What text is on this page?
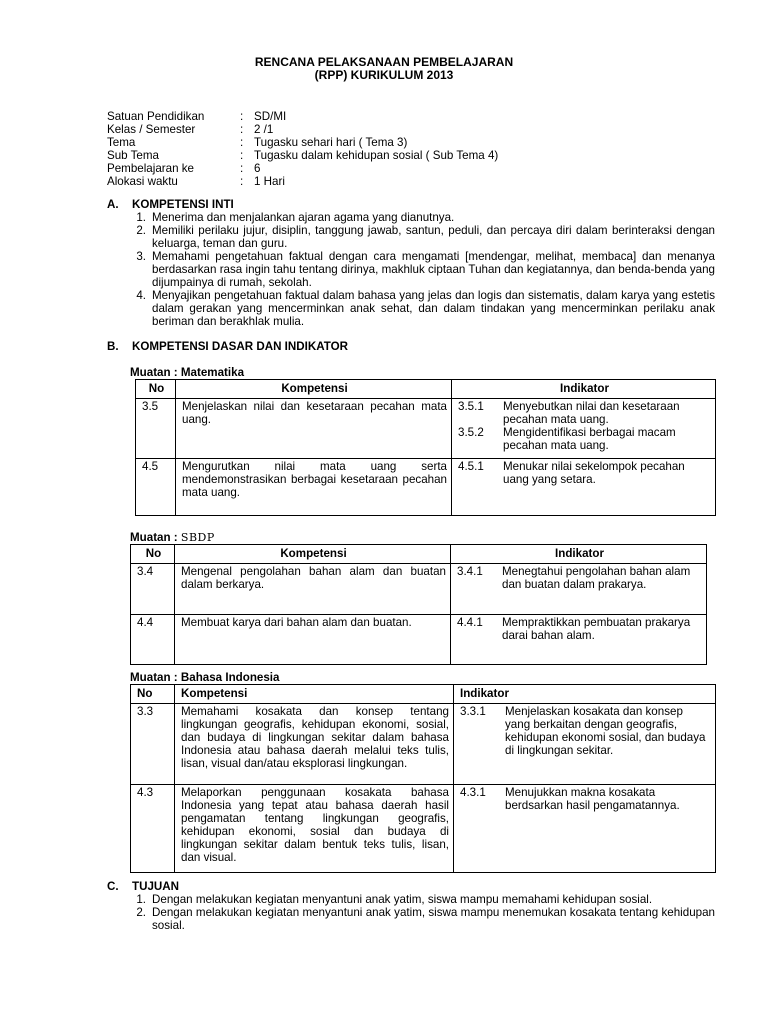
RENCANA PELAKSANAAN PEMBELAJARAN
(RPP) KURIKULUM 2013
Satuan Pendidikan	: SD/MI
Kelas / Semester	: 2 /1
Tema	: Tugasku sehari hari ( Tema 3)
Sub Tema	: Tugasku dalam kehidupan sosial ( Sub Tema 4)
Pembelajaran ke	: 6
Alokasi waktu	: 1 Hari
A. KOMPETENSI INTI
1. Menerima dan menjalankan ajaran agama yang dianutnya.
2. Memiliki perilaku jujur, disiplin, tanggung jawab, santun, peduli, dan percaya diri dalam berinteraksi dengan keluarga, teman dan guru.
3. Memahami pengetahuan faktual dengan cara mengamati [mendengar, melihat, membaca] dan menanya berdasarkan rasa ingin tahu tentang dirinya, makhluk ciptaan Tuhan dan kegiatannya, dan benda-benda yang dijumpainya di rumah, sekolah.
4. Menyajikan pengetahuan faktual dalam bahasa yang jelas dan logis dan sistematis, dalam karya yang estetis dalam gerakan yang mencerminkan anak sehat, dan dalam tindakan yang mencerminkan perilaku anak beriman dan berakhlak mulia.
B. KOMPETENSI DASAR DAN INDIKATOR
Muatan : Matematika
No	Kompetensi	Indikator
3.5	Menjelaskan nilai dan kesetaraan pecahan mata uang.	3.5.1 Menyebutkan nilai dan kesetaraan pecahan mata uang.
3.5.2 Mengidentifikasi berbagai macam pecahan mata uang.

4.5	Mengurutkan nilai mata uang serta mendemonstrasikan berbagai kesetaraan pecahan mata uang.	4.5.1 Menukar nilai sekelompok pecahan uang yang setara.
Muatan : SBDP
No	Kompetensi	Indikator
3.4	Mengenal pengolahan bahan alam dan buatan dalam berkarya.	3.4.1 Menegtahui pengolahan bahan alam dan buatan dalam prakarya.

4.4	Membuat karya dari bahan alam dan buatan.	4.4.1 Mempraktikkan pembuatan prakarya darai bahan alam.
Muatan : Bahasa Indonesia
No	Kompetensi	Indikator
3.3	Memahami kosakata dan konsep tentang lingkungan geografis, kehidupan ekonomi, sosial, dan budaya di lingkungan sekitar dalam bahasa Indonesia atau bahasa daerah melalui teks tulis, lisan, visual dan/atau eksplorasi lingkungan.	3.3.1 Menjelaskan kosakata dan konsep yang berkaitan dengan geografis, kehidupan ekonomi sosial, dan budaya di lingkungan sekitar.

4.3	Melaporkan penggunaan kosakata bahasa Indonesia yang tepat atau bahasa daerah hasil pengamatan tentang lingkungan geografis, kehidupan ekonomi, sosial dan budaya di lingkungan sekitar dalam bentuk teks tulis, lisan, dan visual.	4.3.1 Menujukkan makna kosakata berdsarkan hasil pengamatannya.
C. TUJUAN
1. Dengan melakukan kegiatan menyantuni anak yatim, siswa mampu memahami kehidupan sosial.
2. Dengan melakukan kegiatan menyantuni anak yatim, siswa mampu menemukan kosakata tentang kehidupan sosial.
